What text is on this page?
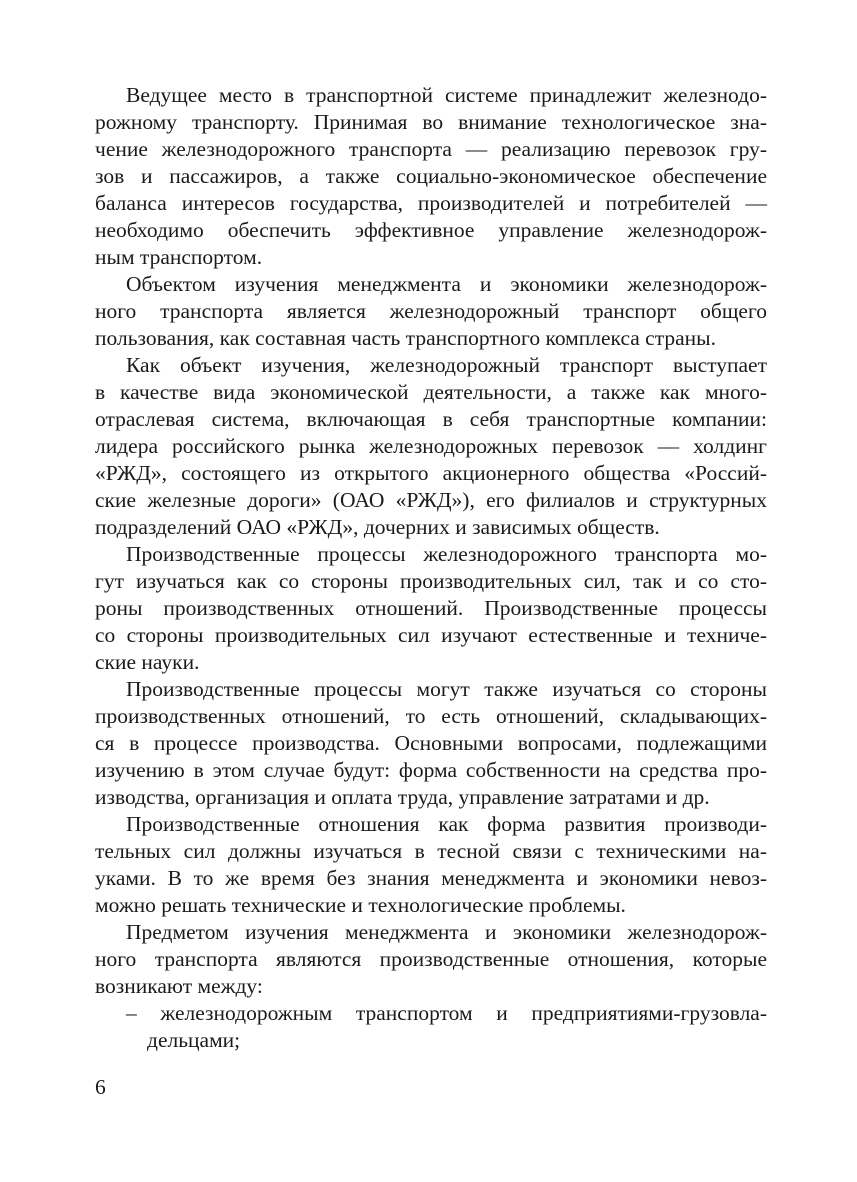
Ведущее место в транспортной системе принадлежит железнодо-
рожному транспорту. Принимая во внимание технологическое зна-
чение железнодорожного транспорта — реализацию перевозок гру-
зов и пассажиров, а также социально-экономическое обеспечение
баланса интересов государства, производителей и потребителей —
необходимо обеспечить эффективное управление железнодорож-
ным транспортом.
Объектом изучения менеджмента и экономики железнодорож-
ного транспорта является железнодорожный транспорт общего
пользования, как составная часть транспортного комплекса страны.
Как объект изучения, железнодорожный транспорт выступает
в качестве вида экономической деятельности, а также как много-
отраслевая система, включающая в себя транспортные компании:
лидера российского рынка железнодорожных перевозок — холдинг
«РЖД», состоящего из открытого акционерного общества «Россий-
ские железные дороги» (ОАО «РЖД»), его филиалов и структурных
подразделений ОАО «РЖД», дочерних и зависимых обществ.
Производственные процессы железнодорожного транспорта мо-
гут изучаться как со стороны производительных сил, так и со сто-
роны производственных отношений. Производственные процессы
со стороны производительных сил изучают естественные и техниче-
ские науки.
Производственные процессы могут также изучаться со стороны
производственных отношений, то есть отношений, складывающих-
ся в процессе производства. Основными вопросами, подлежащими
изучению в этом случае будут: форма собственности на средства про-
изводства, организация и оплата труда, управление затратами и др.
Производственные отношения как форма развития производи-
тельных сил должны изучаться в тесной связи с техническими на-
уками. В то же время без знания менеджмента и экономики невоз-
можно решать технические и технологические проблемы.
Предметом изучения менеджмента и экономики железнодорож-
ного транспорта являются производственные отношения, которые
возникают между:
– железнодорожным транспортом и предприятиями-грузовла-
дельцами;
6
